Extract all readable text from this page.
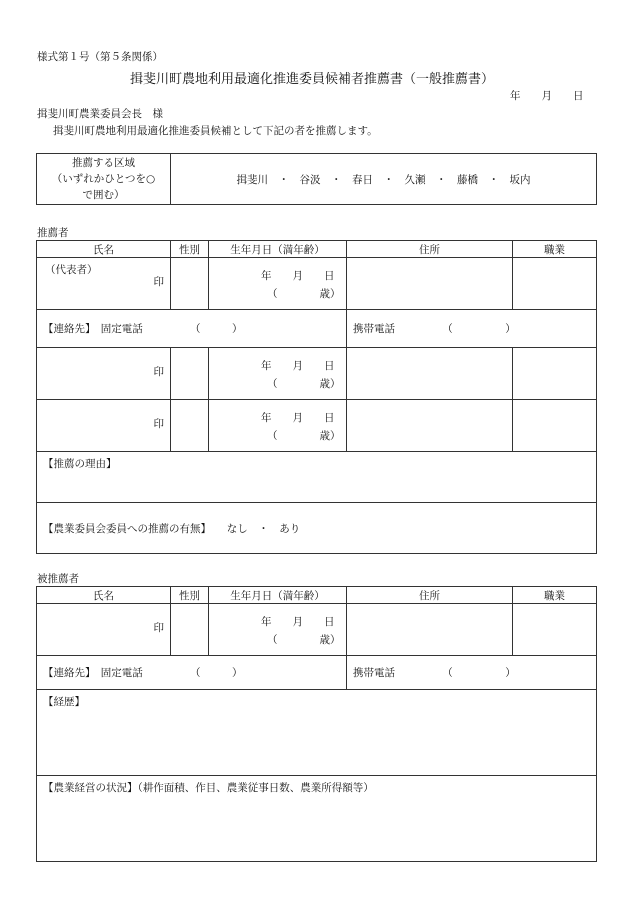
様式第１号（第５条関係）
揖斐川町農地利用最適化推進委員候補者推薦書（一般推薦書）
年　　月　　日
揖斐川町農業委員会長　様
揖斐川町農地利用最適化推進委員候補として下記の者を推薦します。
推薦する区域
（いずれかひとつを○
で囲む）
	揖斐川　・　谷汲　・　春日　・　久瀬　・　藤橋　・　坂内
推薦者
氏名	性別	生年月日（満年齢）	住所	職業

（代表者）
印		年　　月　　日
（　　　　歳）		

【連絡先】　固定電話　　　　　（　　　）			携帯電話　　　　　（　　　　　）	

印		年　　月　　日
（　　　　歳）		

印		年　　月　　日
（　　　　歳）		

【推薦の理由】				
【農業委員会委員への推薦の有無】　　なし　・　あり				
被推薦者
氏名	性別	生年月日（満年齢）	住所	職業

印		年　　月　　日
（　　　　歳）		

【連絡先】　固定電話　　　　　（　　　）			携帯電話　　　　　（　　　　　）	
【経歴】				
【農業経営の状況】（耕作面積、作目、農業従事日数、農業所得額等）				
